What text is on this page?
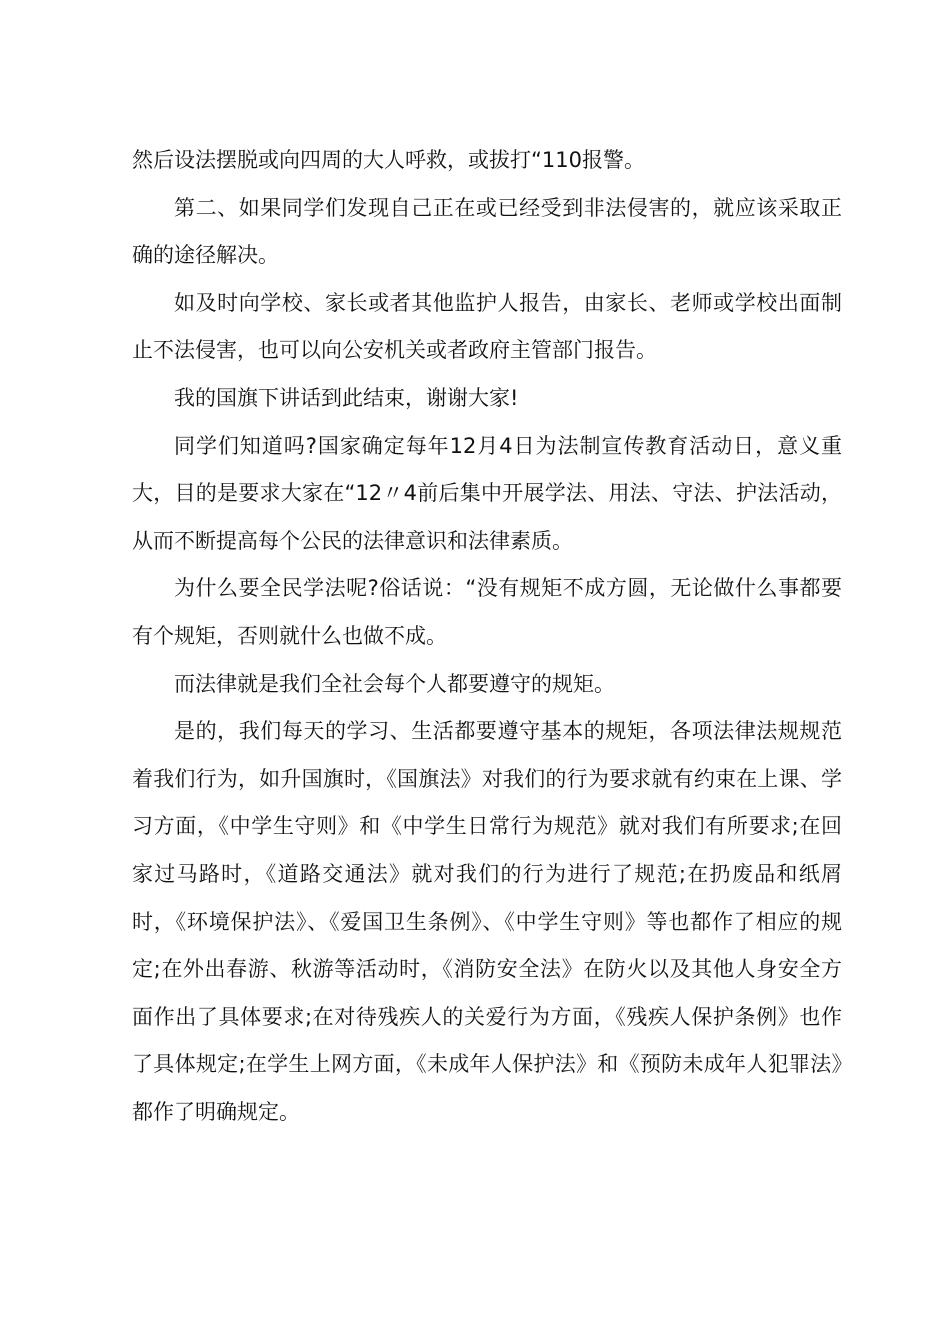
然后设法摆脱或向四周的大人呼救，或拔打“110报警。

第二、如果同学们发现自己正在或已经受到非法侵害的，就应该采取正确的途径解决。

如及时向学校、家长或者其他监护人报告，由家长、老师或学校出面制止不法侵害，也可以向公安机关或者政府主管部门报告。

我的国旗下讲话到此结束，谢谢大家!

同学们知道吗?国家确定每年12月4日为法制宣传教育活动日，意义重大，目的是要求大家在“12〃4前后集中开展学法、用法、守法、护法活动，从而不断提高每个公民的法律意识和法律素质。

为什么要全民学法呢?俗话说：“没有规矩不成方圆，无论做什么事都要有个规矩，否则就什么也做不成。

而法律就是我们全社会每个人都要遵守的规矩。

是的，我们每天的学习、生活都要遵守基本的规矩，各项法律法规规范着我们行为，如升国旗时，《国旗法》对我们的行为要求就有约束在上课、学习方面，《中学生守则》和《中学生日常行为规范》就对我们有所要求;在回家过马路时，《道路交通法》就对我们的行为进行了规范;在扔废品和纸屑时，《环境保护法》、《爱国卫生条例》、《中学生守则》等也都作了相应的规定;在外出春游、秋游等活动时，《消防安全法》在防火以及其他人身安全方面作出了具体要求;在对待残疾人的关爱行为方面，《残疾人保护条例》也作了具体规定;在学生上网方面，《未成年人保护法》和《预防未成年人犯罪法》都作了明确规定。
